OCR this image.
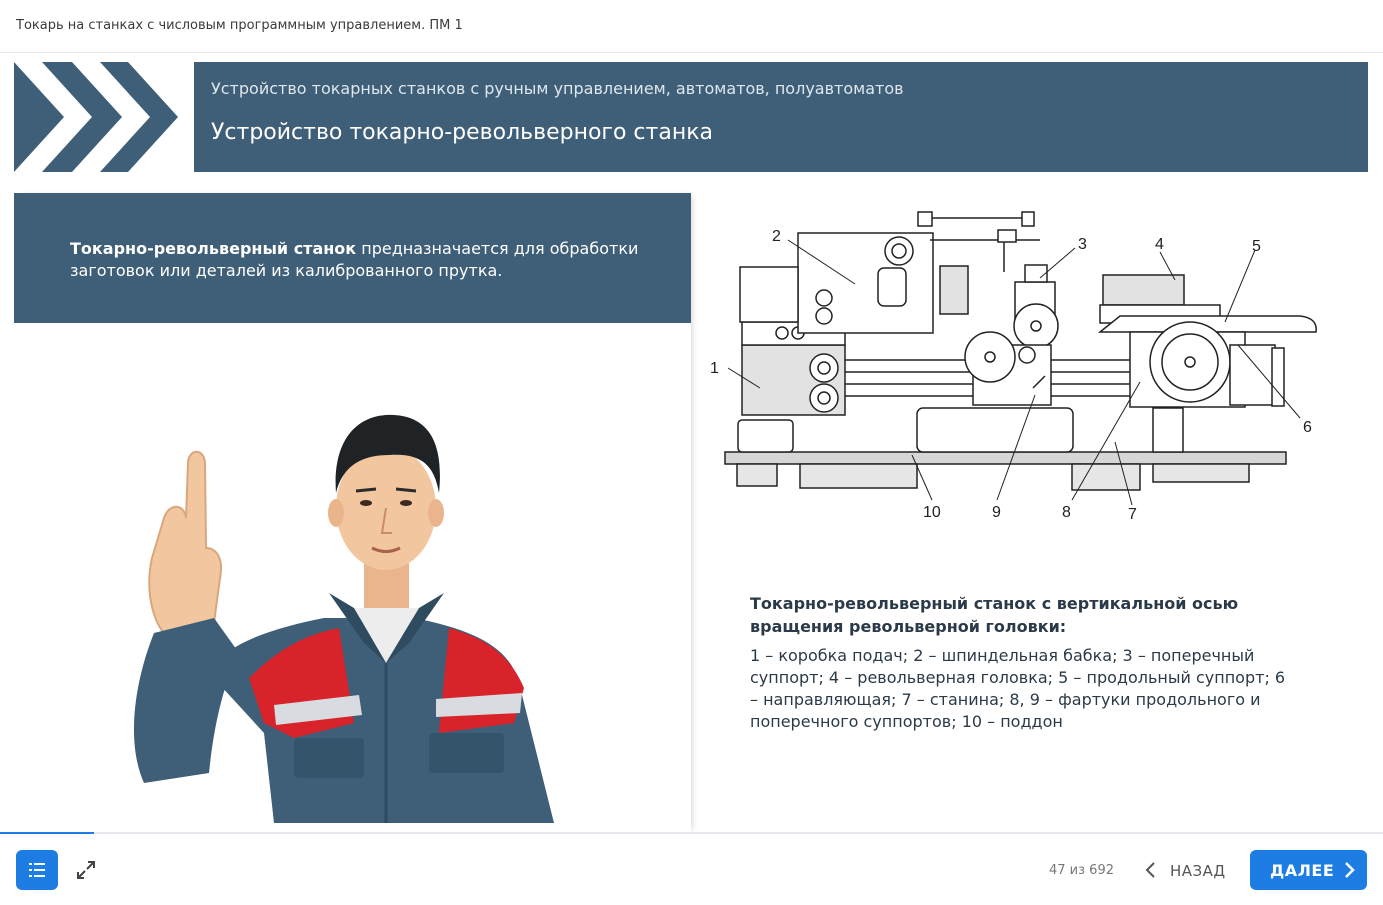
Токарь на станках с числовым программным управлением. ПМ 1
Устройство токарных станков с ручным управлением, автоматов, полуавтоматов
Устройство токарно-револьверного станка
Токарно-револьверный станок предназначается для обработки заготовок или деталей из калиброванного прутка.
1
2	3	4	5
6
7
8
9
10
Токарно-револьверный станок с вертикальной осью вращения револьверной головки:
1 – коробка подач; 2 – шпиндельная бабка; 3 – поперечный суппорт; 4 – револьверная головка; 5 – продольный суппорт; 6 – направляющая; 7 – станина; 8, 9 – фартуки продольного и поперечного суппортов; 10 – поддон
47 из 692	НАЗАД	ДАЛЕЕ
